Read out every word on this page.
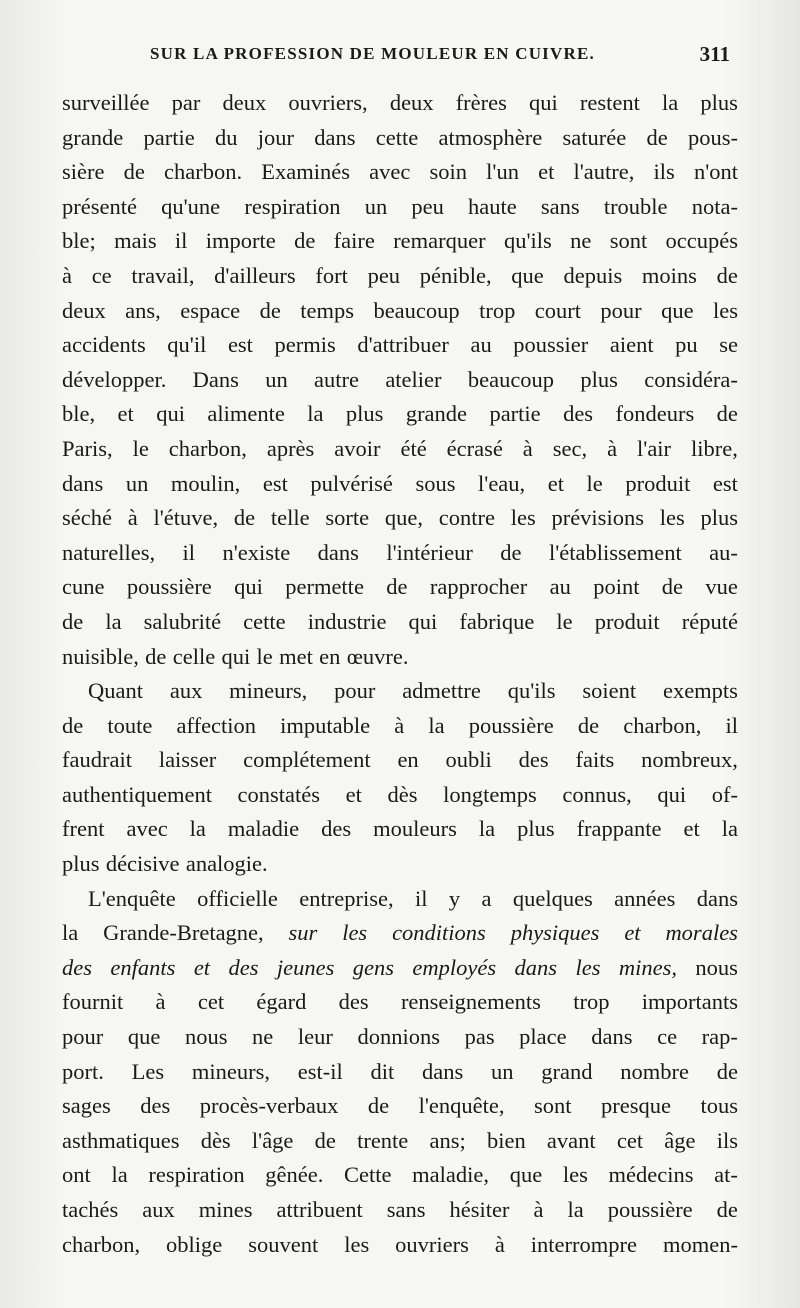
SUR LA PROFESSION DE MOULEUR EN CUIVRE.	311
surveillée par deux ouvriers, deux frères qui restent la plus
grande partie du jour dans cette atmosphère saturée de pous-
sière de charbon. Examinés avec soin l'un et l'autre, ils n'ont
présenté qu'une respiration un peu haute sans trouble nota-
ble; mais il importe de faire remarquer qu'ils ne sont occupés
à ce travail, d'ailleurs fort peu pénible, que depuis moins de
deux ans, espace de temps beaucoup trop court pour que les
accidents qu'il est permis d'attribuer au poussier aient pu se
développer. Dans un autre atelier beaucoup plus considéra-
ble, et qui alimente la plus grande partie des fondeurs de
Paris, le charbon, après avoir été écrasé à sec, à l'air libre,
dans un moulin, est pulvérisé sous l'eau, et le produit est
séché à l'étuve, de telle sorte que, contre les prévisions les plus
naturelles, il n'existe dans l'intérieur de l'établissement au-
cune poussière qui permette de rapprocher au point de vue
de la salubrité cette industrie qui fabrique le produit réputé
nuisible, de celle qui le met en œuvre.
Quant aux mineurs, pour admettre qu'ils soient exempts
de toute affection imputable à la poussière de charbon, il
faudrait laisser complétement en oubli des faits nombreux,
authentiquement constatés et dès longtemps connus, qui of-
frent avec la maladie des mouleurs la plus frappante et la
plus décisive analogie.
L'enquête officielle entreprise, il y a quelques années dans
la Grande-Bretagne, sur les conditions physiques et morales
des enfants et des jeunes gens employés dans les mines, nous
fournit à cet égard des renseignements trop importants
pour que nous ne leur donnions pas place dans ce rap-
port. Les mineurs, est-il dit dans un grand nombre de
sages des procès-verbaux de l'enquête, sont presque tous
asthmatiques dès l'âge de trente ans; bien avant cet âge ils
ont la respiration gênée. Cette maladie, que les médecins at-
tachés aux mines attribuent sans hésiter à la poussière de
charbon, oblige souvent les ouvriers à interrompre momen-
